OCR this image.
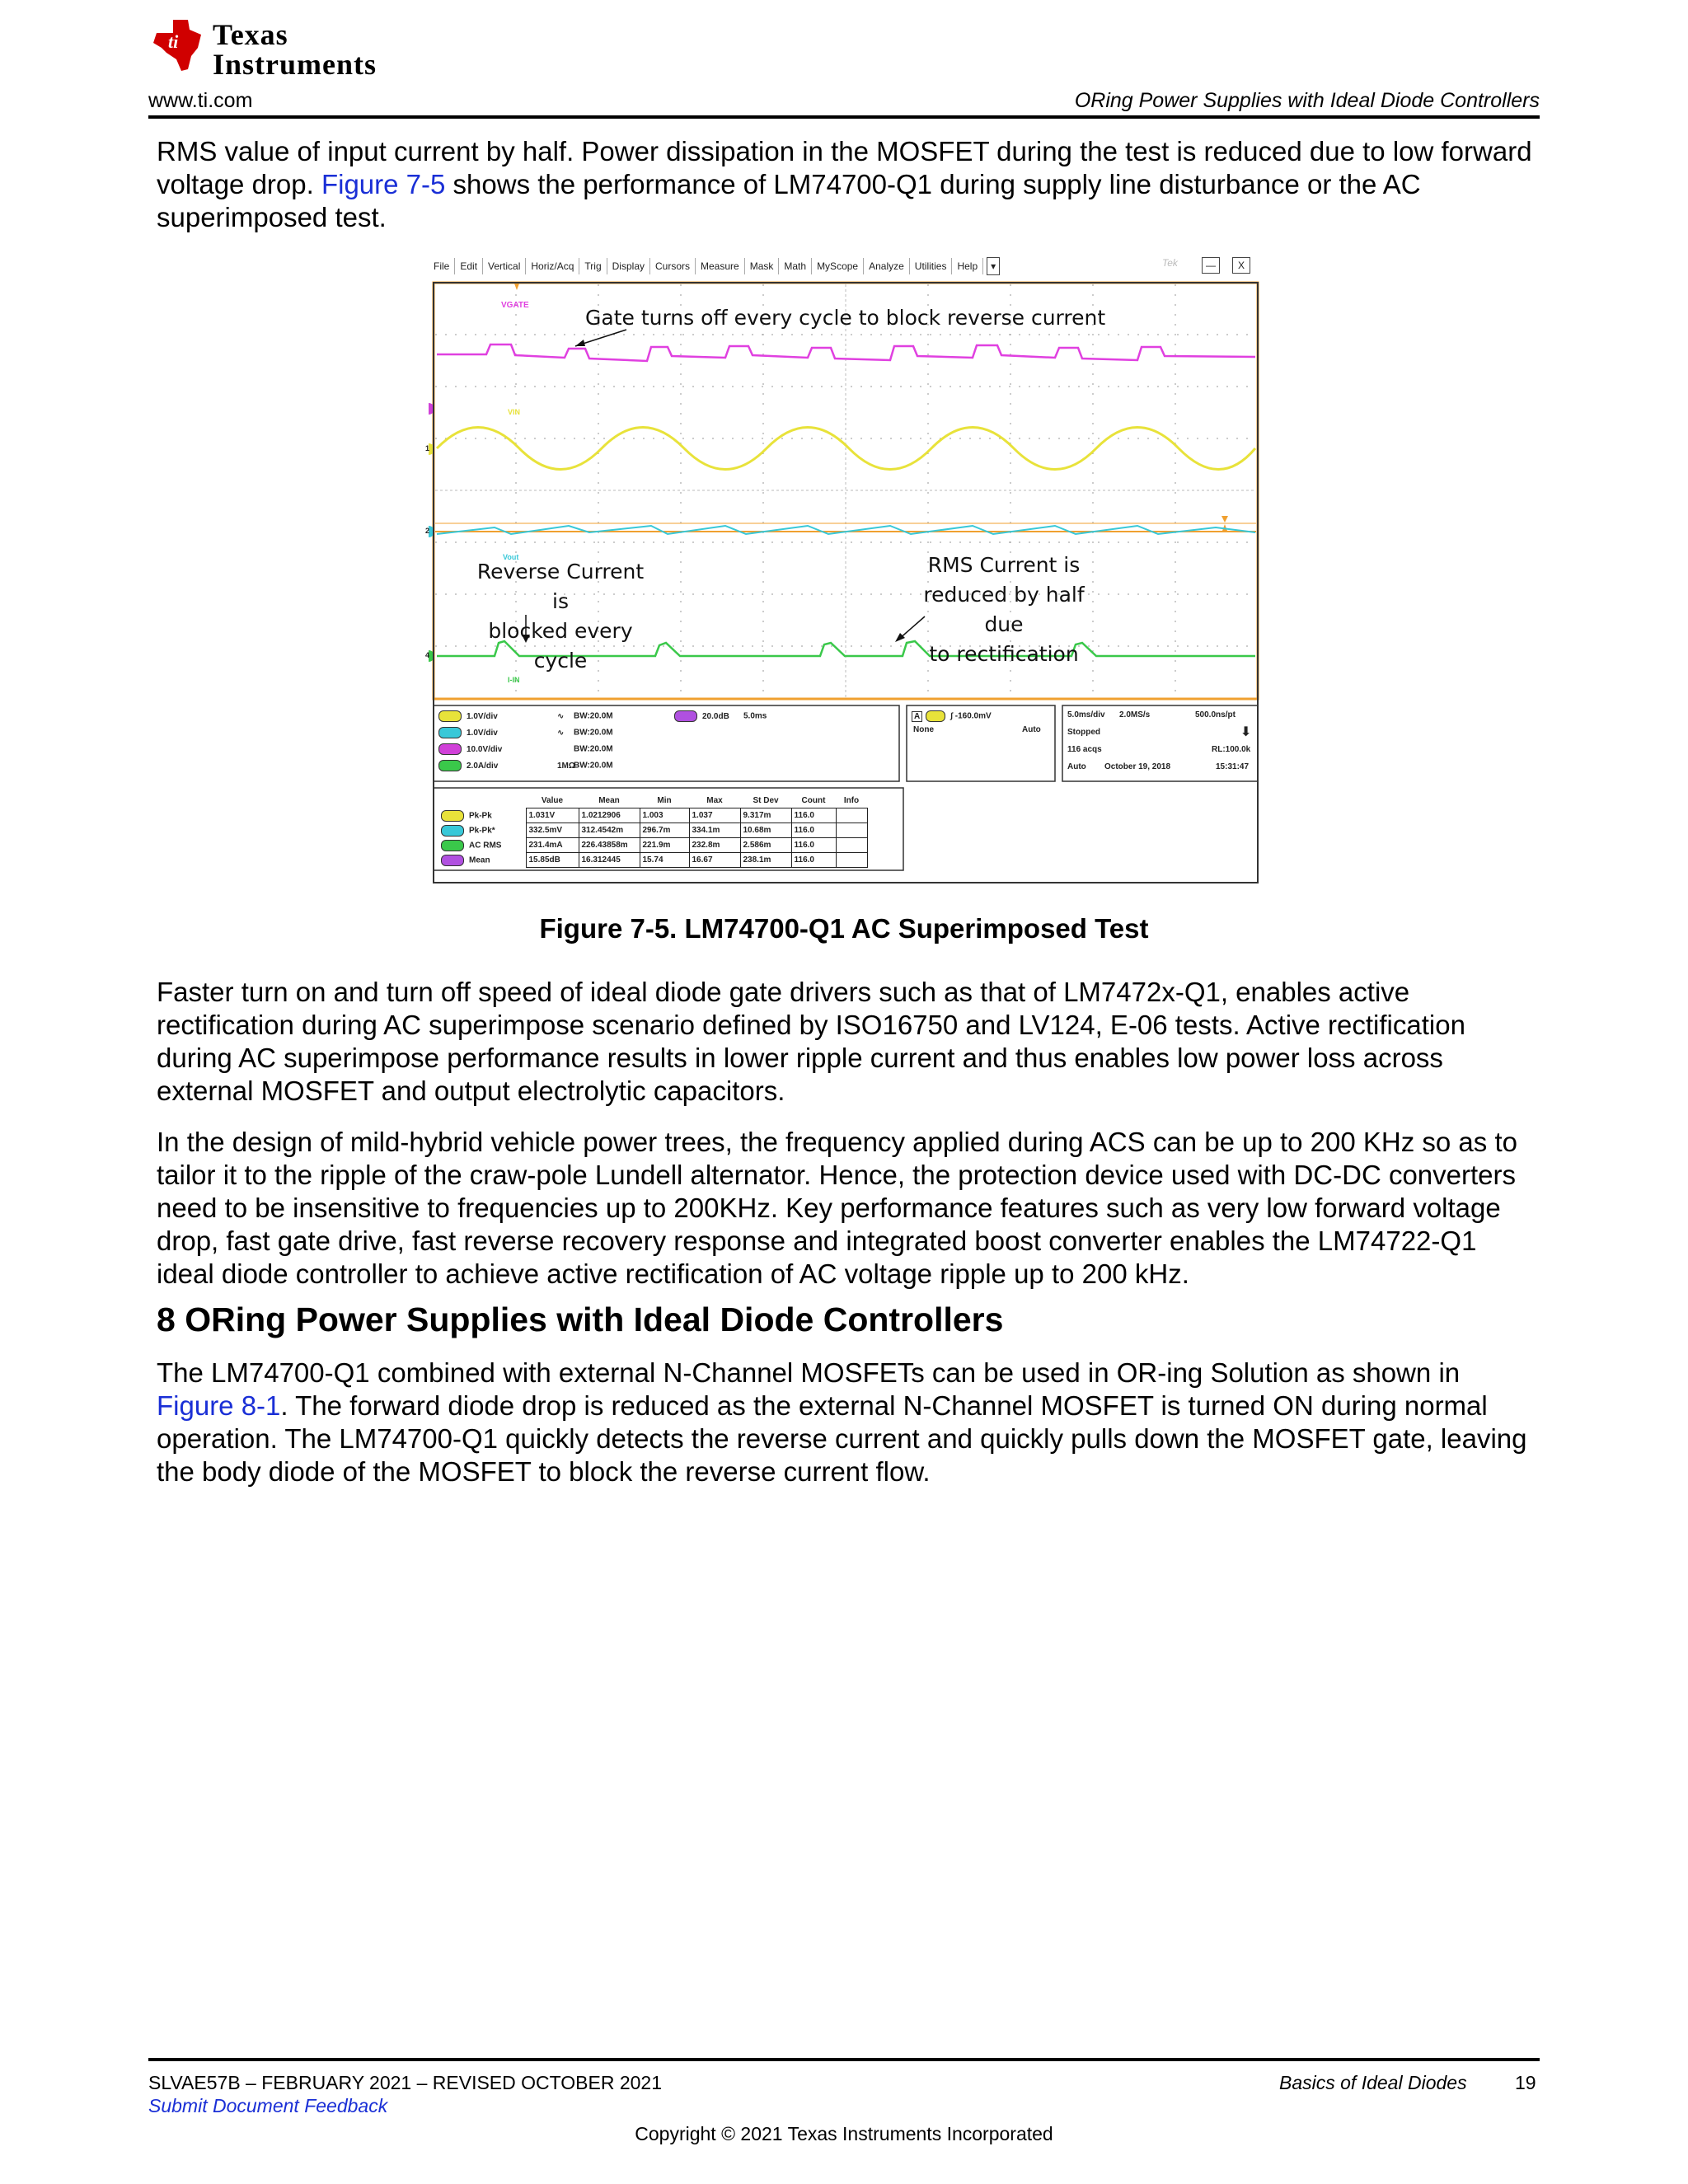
ti Texas
Instruments
www.ti.com	ORing Power Supplies with Ideal Diode Controllers
RMS value of input current by half. Power dissipation in the MOSFET during the test is reduced due to low forward voltage drop. Figure 7-5 shows the performance of LM74700-Q1 during supply line disturbance or the AC superimposed test.
File Edit Vertical Horiz/Acq Trig Display Cursors Measure Mask Math MyScope Analyze Utilities Help ▾	Tek	—	X
1
2
4
VGATE
VIN
Vout
I-IN
Gate turns off every cycle to block reverse current
Reverse Current is
blocked every cycle
RMS Current is
reduced by half due
to rectification
1.0V/div	∿ BW:20.0M
1.0V/div	∿ BW:20.0M
10.0V/div	BW:20.0M
2.0A/div	1MΩBW:20.0M
20.0dB 5.0ms	A	∫ -160.0mV
None	Auto
5.0ms/div 2.0MS/s	500.0ns/pt
Stopped	⬇
116 acqs	RL:100.0k
Auto October 19, 2018	15:31:47
	Value	Mean	Min	Max	St Dev	Count	Info
Pk-Pk	1.031V	1.0212906	1.003	1.037	9.317m	116.0	
Pk-Pk*	332.5mV	312.4542m	296.7m	334.1m	10.68m	116.0	
AC RMS	231.4mA	226.43858m	221.9m	232.8m	2.586m	116.0	
Mean	15.85dB	16.312445	15.74	16.67	238.1m	116.0	
Figure 7-5. LM74700-Q1 AC Superimposed Test
Faster turn on and turn off speed of ideal diode gate drivers such as that of LM7472x-Q1, enables active rectification during AC superimpose scenario defined by ISO16750 and LV124, E-06 tests. Active rectification during AC superimpose performance results in lower ripple current and thus enables low power loss across external MOSFET and output electrolytic capacitors.
In the design of mild-hybrid vehicle power trees, the frequency applied during ACS can be up to 200 KHz so as to tailor it to the ripple of the craw-pole Lundell alternator. Hence, the protection device used with DC-DC converters need to be insensitive to frequencies up to 200KHz. Key performance features such as very low forward voltage drop, fast gate drive, fast reverse recovery response and integrated boost converter enables the LM74722-Q1 ideal diode controller to achieve active rectification of AC voltage ripple up to 200 kHz.
8 ORing Power Supplies with Ideal Diode Controllers
The LM74700-Q1 combined with external N-Channel MOSFETs can be used in OR-ing Solution as shown in Figure 8-1. The forward diode drop is reduced as the external N-Channel MOSFET is turned ON during normal operation. The LM74700-Q1 quickly detects the reverse current and quickly pulls down the MOSFET gate, leaving the body diode of the MOSFET to block the reverse current flow.
SLVAE57B – FEBRUARY 2021 – REVISED OCTOBER 2021
Submit Document Feedback
Basics of Ideal Diodes	19
Copyright © 2021 Texas Instruments Incorporated
